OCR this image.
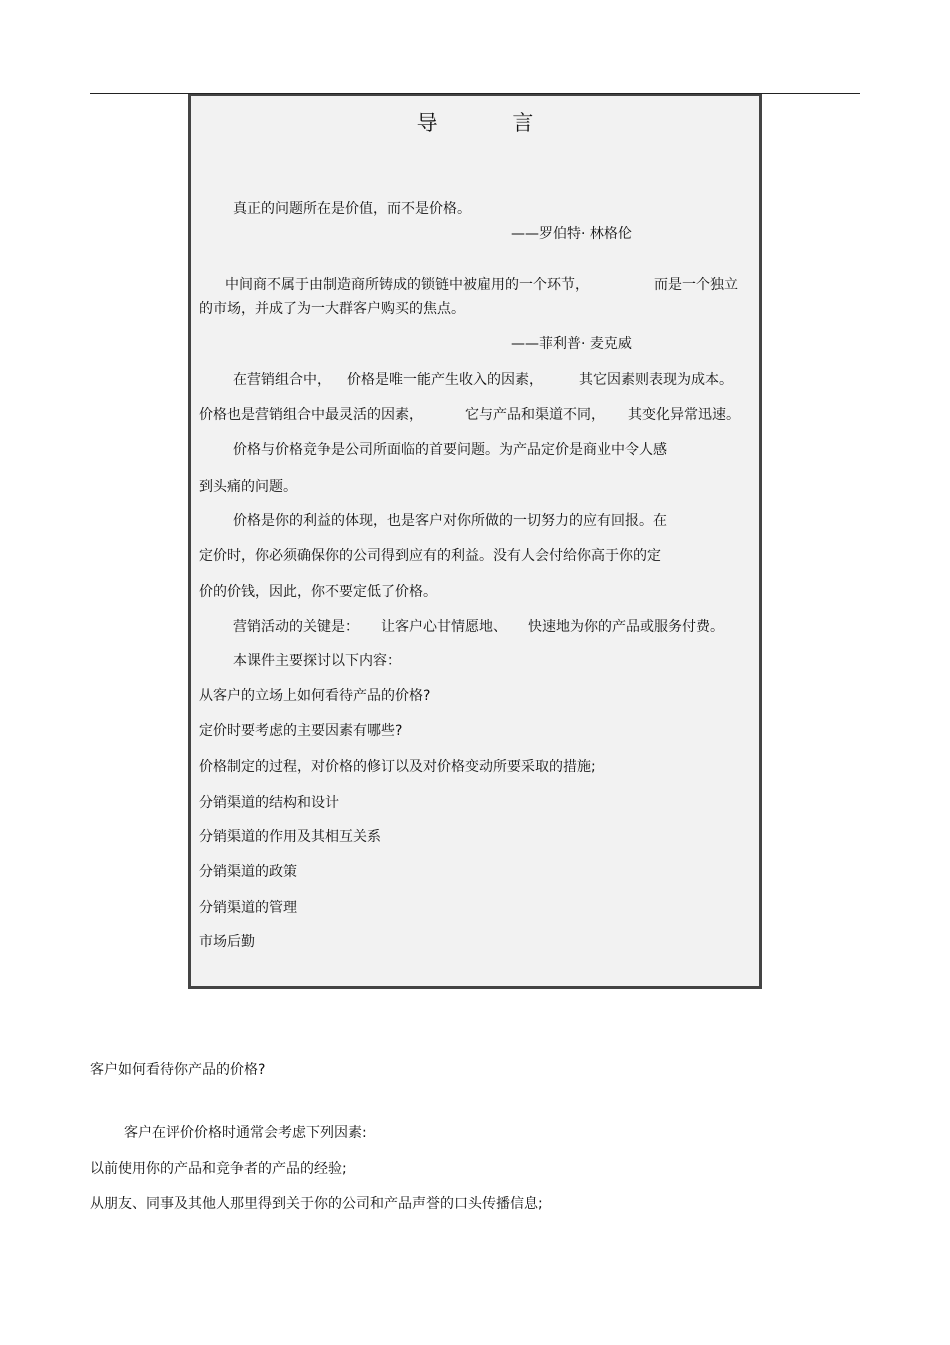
导 言

真正的问题所在是价值，而不是价格。

——罗伯特· 林格伦

中间商不属于由制造商所铸成的锁链中被雇用的一个环节，	而是一个独立

的市场，并成了为一大群客户购买的焦点。

——菲利普· 麦克威

在营销组合中， 价格是唯一能产生收入的因素，	其它因素则表现为成本。

价格也是营销组合中最灵活的因素，	它与产品和渠道不同， 其变化异常迅速。

价格与价格竞争是公司所面临的首要问题。为产品定价是商业中令人感

到头痛的问题。

价格是你的利益的体现，也是客户对你所做的一切努力的应有回报。在

定价时，你必须确保你的公司得到应有的利益。没有人会付给你高于你的定

价的价钱，因此，你不要定低了价格。

营销活动的关键是： 让客户心甘情愿地、 快速地为你的产品或服务付费。

本课件主要探讨以下内容：

从客户的立场上如何看待产品的价格?

定价时要考虑的主要因素有哪些?

价格制定的过程，对价格的修订以及对价格变动所要采取的措施;

分销渠道的结构和设计

分销渠道的作用及其相互关系

分销渠道的政策

分销渠道的管理

市场后勤

客户如何看待你产品的价格?

客户在评价价格时通常会考虑下列因素:

以前使用你的产品和竞争者的产品的经验;

从朋友、同事及其他人那里得到关于你的公司和产品声誉的口头传播信息;
